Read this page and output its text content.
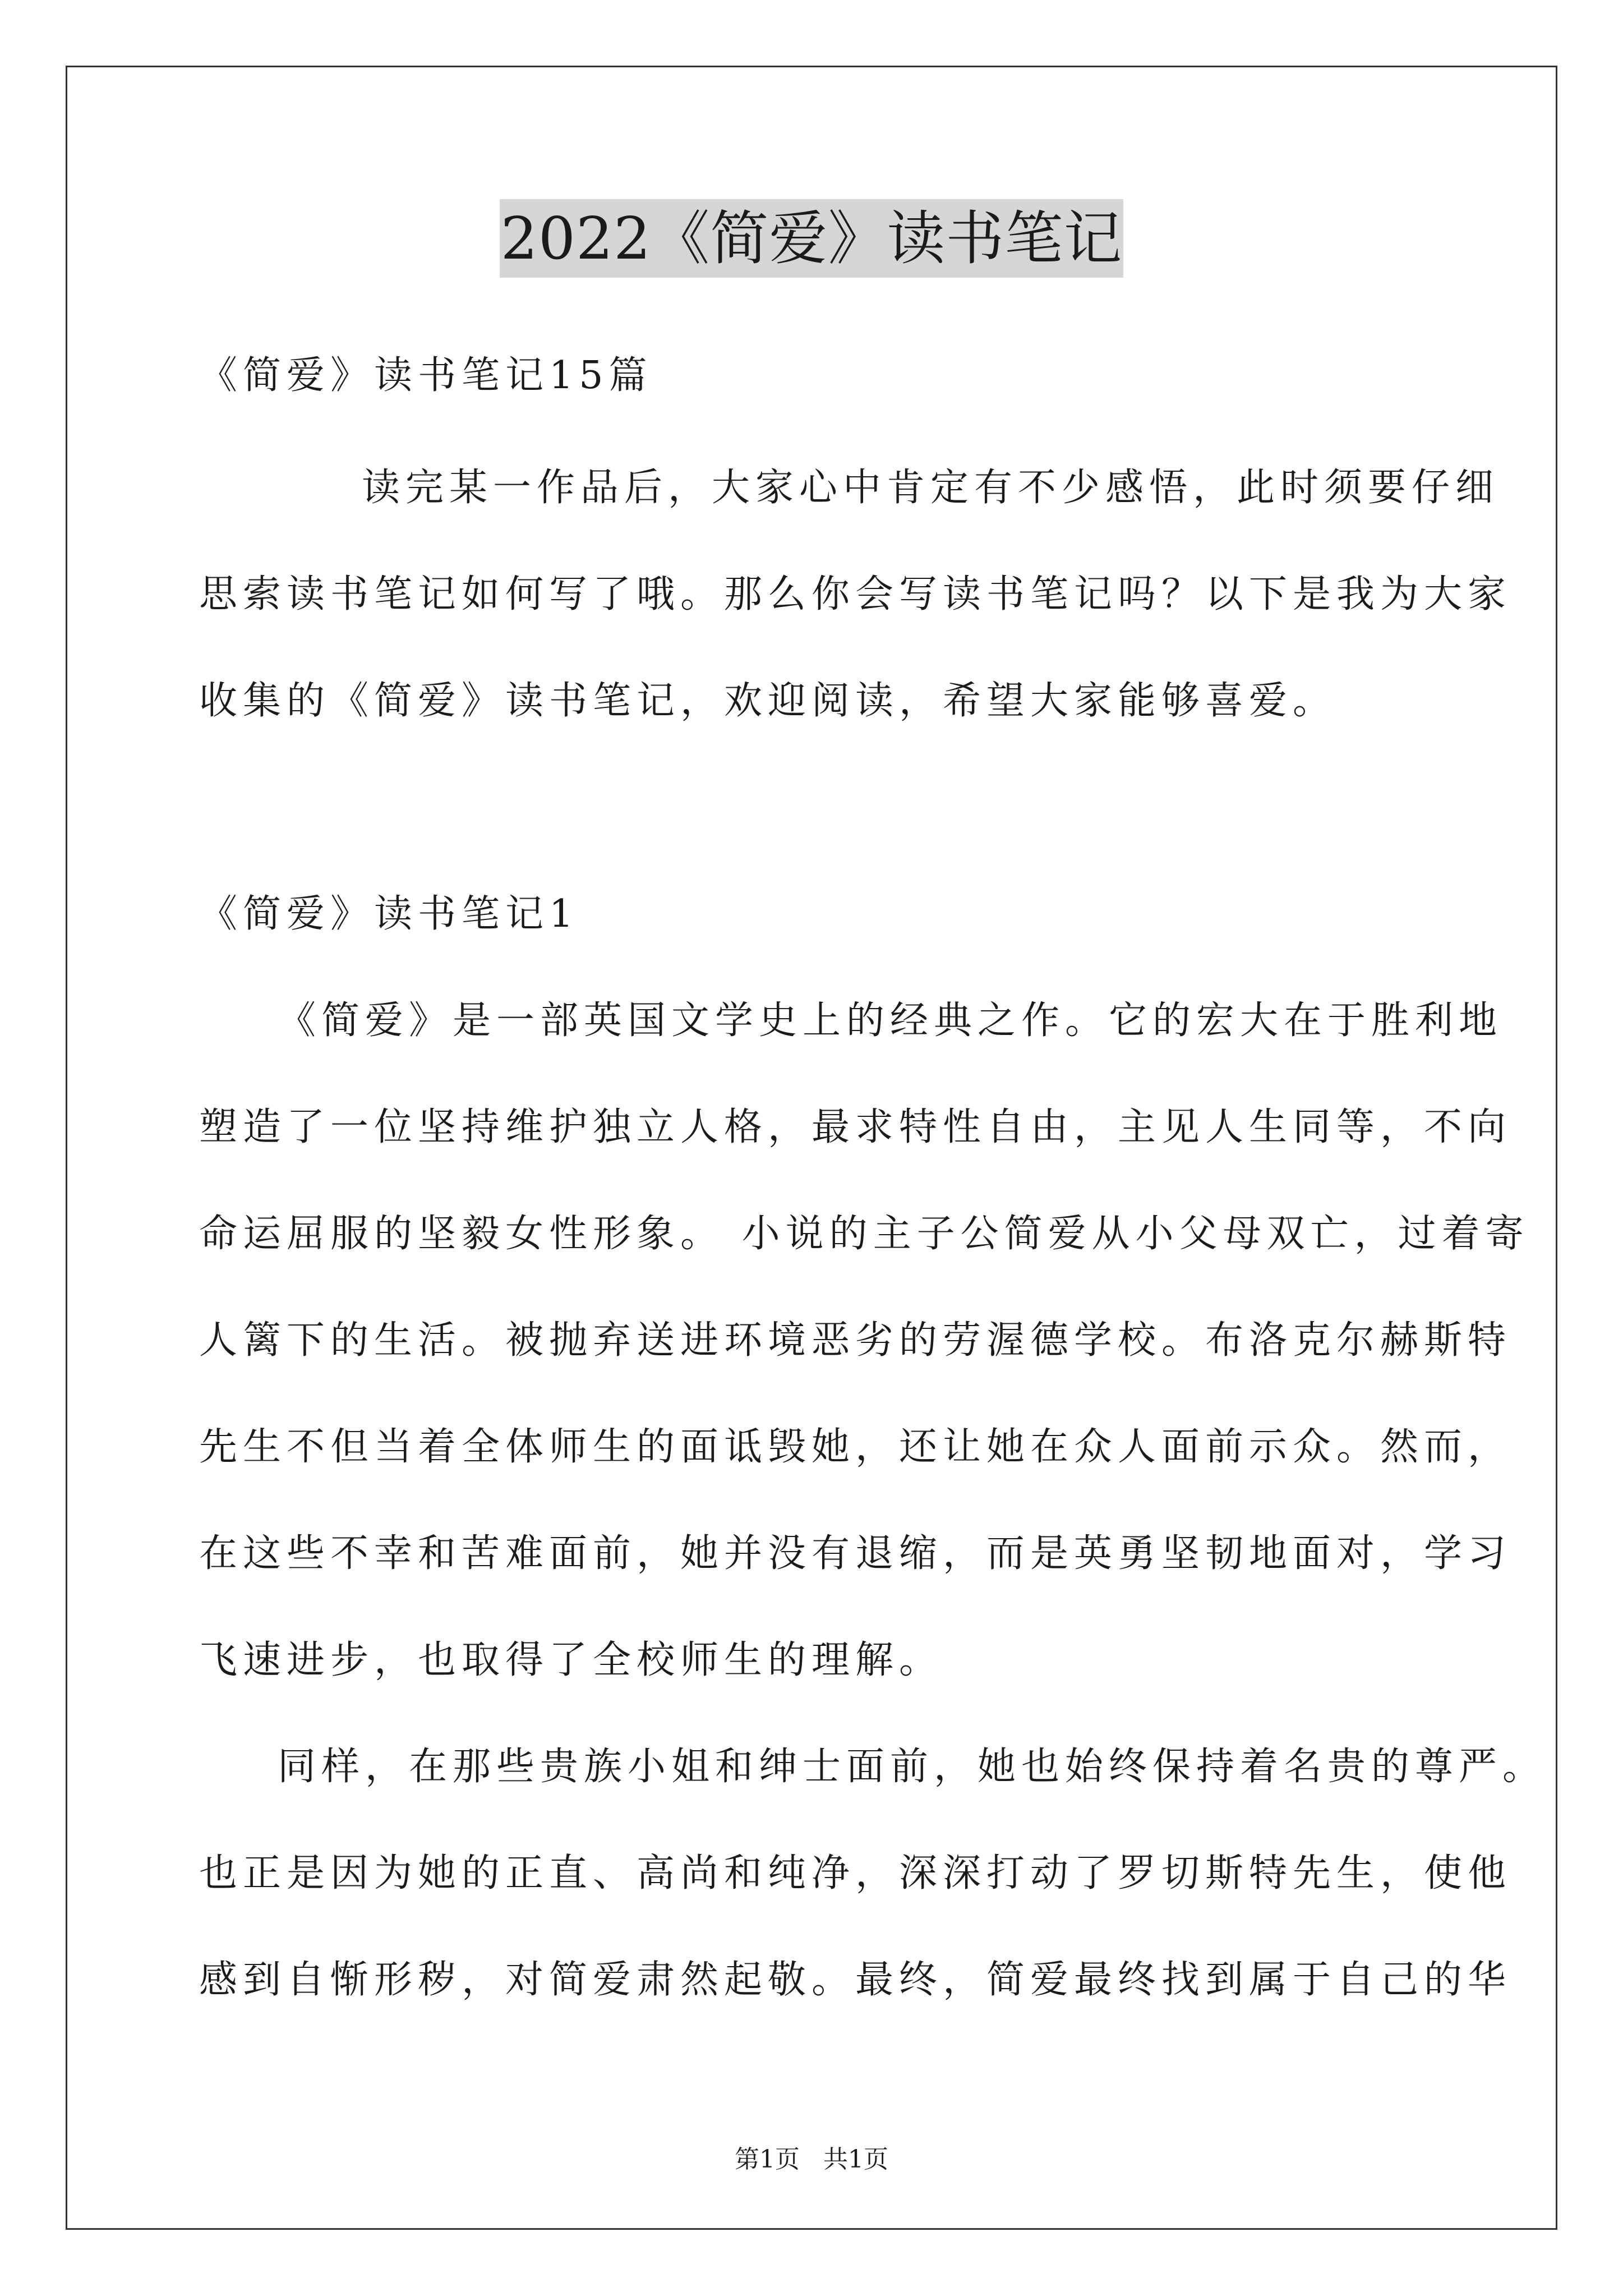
2022《简爱》读书笔记
《简爱》读书笔记15篇
读完某一作品后，大家心中肯定有不少感悟，此时须要仔细
思索读书笔记如何写了哦。那么你会写读书笔记吗？以下是我为大家
收集的《简爱》读书笔记，欢迎阅读，希望大家能够喜爱。
《简爱》读书笔记1
《简爱》是一部英国文学史上的经典之作。它的宏大在于胜利地
塑造了一位坚持维护独立人格，最求特性自由，主见人生同等，不向
命运屈服的坚毅女性形象。 小说的主子公简爱从小父母双亡，过着寄
人篱下的生活。被抛弃送进环境恶劣的劳渥德学校。布洛克尔赫斯特
先生不但当着全体师生的面诋毁她，还让她在众人面前示众。然而，
在这些不幸和苦难面前，她并没有退缩，而是英勇坚韧地面对，学习
飞速进步，也取得了全校师生的理解。
同样，在那些贵族小姐和绅士面前，她也始终保持着名贵的尊严。
也正是因为她的正直、高尚和纯净，深深打动了罗切斯特先生，使他
感到自惭形秽，对简爱肃然起敬。最终，简爱最终找到属于自己的华
第1页 共1页
